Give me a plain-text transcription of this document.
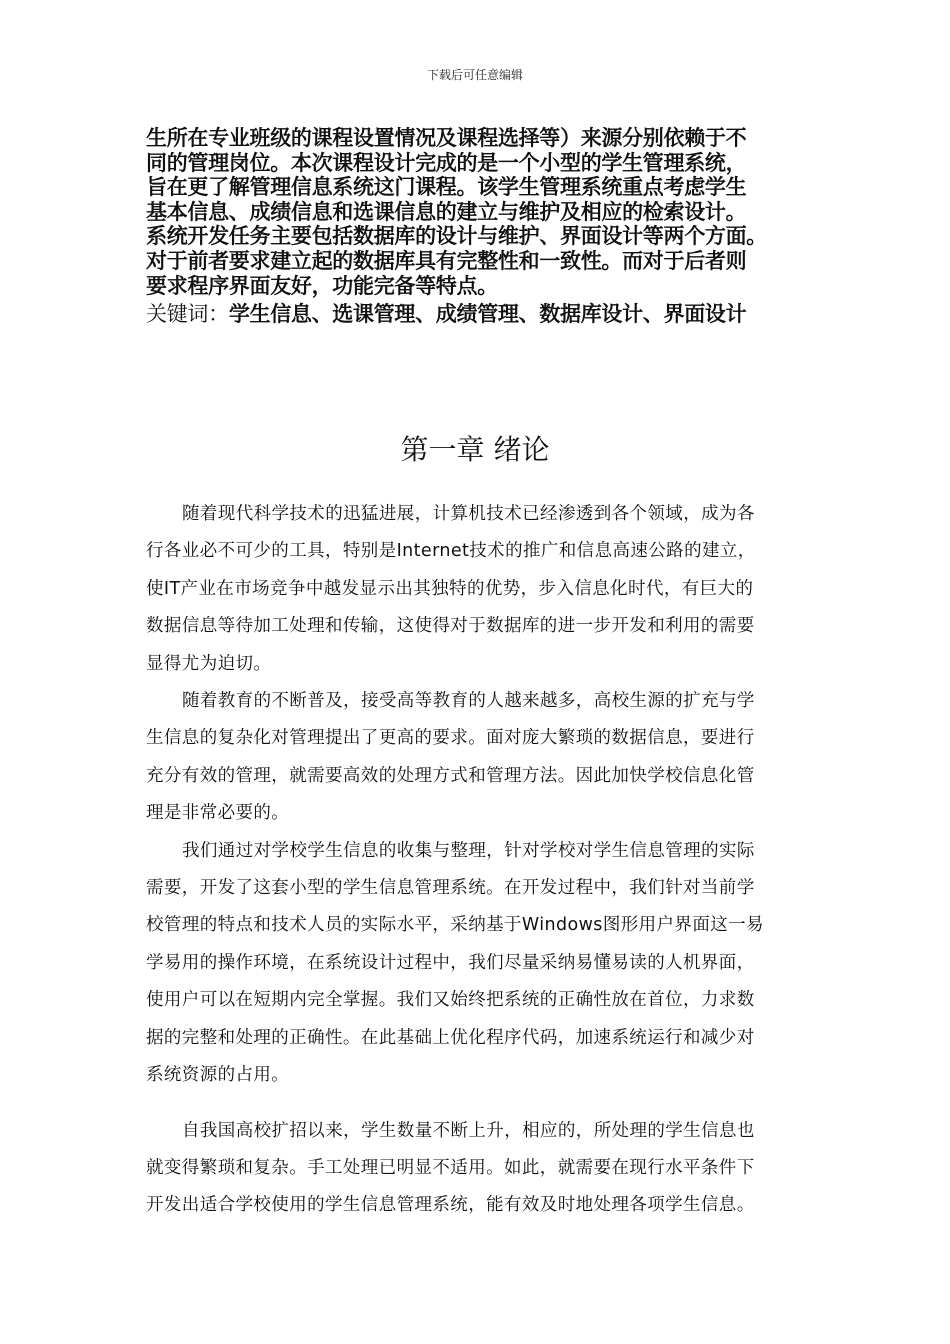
下载后可任意编辑
生所在专业班级的课程设置情况及课程选择等）来源分别依赖于不
同的管理岗位。本次课程设计完成的是一个小型的学生管理系统，
旨在更了解管理信息系统这门课程。该学生管理系统重点考虑学生
基本信息、成绩信息和选课信息的建立与维护及相应的检索设计。
系统开发任务主要包括数据库的设计与维护、界面设计等两个方面。
对于前者要求建立起的数据库具有完整性和一致性。而对于后者则
要求程序界面友好，功能完备等特点。
关键词：学生信息、选课管理、成绩管理、数据库设计、界面设计
第一章 绪论
随着现代科学技术的迅猛进展，计算机技术已经渗透到各个领域，成为各
行各业必不可少的工具，特别是Internet技术的推广和信息高速公路的建立，
使IT产业在市场竞争中越发显示出其独特的优势，步入信息化时代，有巨大的
数据信息等待加工处理和传输，这使得对于数据库的进一步开发和利用的需要
显得尤为迫切。
随着教育的不断普及，接受高等教育的人越来越多，高校生源的扩充与学
生信息的复杂化对管理提出了更高的要求。面对庞大繁琐的数据信息，要进行
充分有效的管理，就需要高效的处理方式和管理方法。因此加快学校信息化管
理是非常必要的。
我们通过对学校学生信息的收集与整理，针对学校对学生信息管理的实际
需要，开发了这套小型的学生信息管理系统。在开发过程中，我们针对当前学
校管理的特点和技术人员的实际水平，采纳基于Windows图形用户界面这一易
学易用的操作环境，在系统设计过程中，我们尽量采纳易懂易读的人机界面，
使用户可以在短期内完全掌握。我们又始终把系统的正确性放在首位，力求数
据的完整和处理的正确性。在此基础上优化程序代码，加速系统运行和减少对
系统资源的占用。
自我国高校扩招以来，学生数量不断上升，相应的，所处理的学生信息也
就变得繁琐和复杂。手工处理已明显不适用。如此，就需要在现行水平条件下
开发出适合学校使用的学生信息管理系统，能有效及时地处理各项学生信息。
